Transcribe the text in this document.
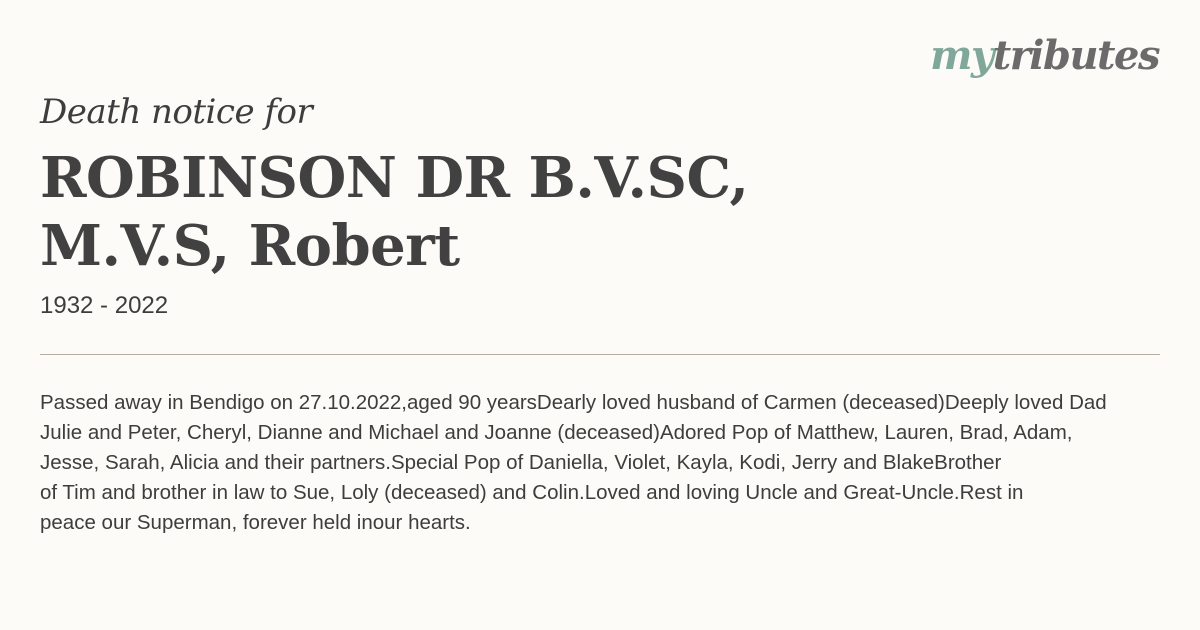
mytributes
Death notice for
ROBINSON DR B.V.SC, M.V.S, Robert
1932 - 2022
Passed away in Bendigo on 27.10.2022,aged 90 yearsDearly loved husband of Carmen (deceased)Deeply loved Dad
Julie and Peter, Cheryl, Dianne and Michael and Joanne (deceased)Adored Pop of Matthew, Lauren, Brad, Adam,
Jesse, Sarah, Alicia and their partners.Special Pop of Daniella, Violet, Kayla, Kodi, Jerry and BlakeBrother
of Tim and brother in law to Sue, Loly (deceased) and Colin.Loved and loving Uncle and Great-Uncle.Rest in
peace our Superman, forever held inour hearts.
